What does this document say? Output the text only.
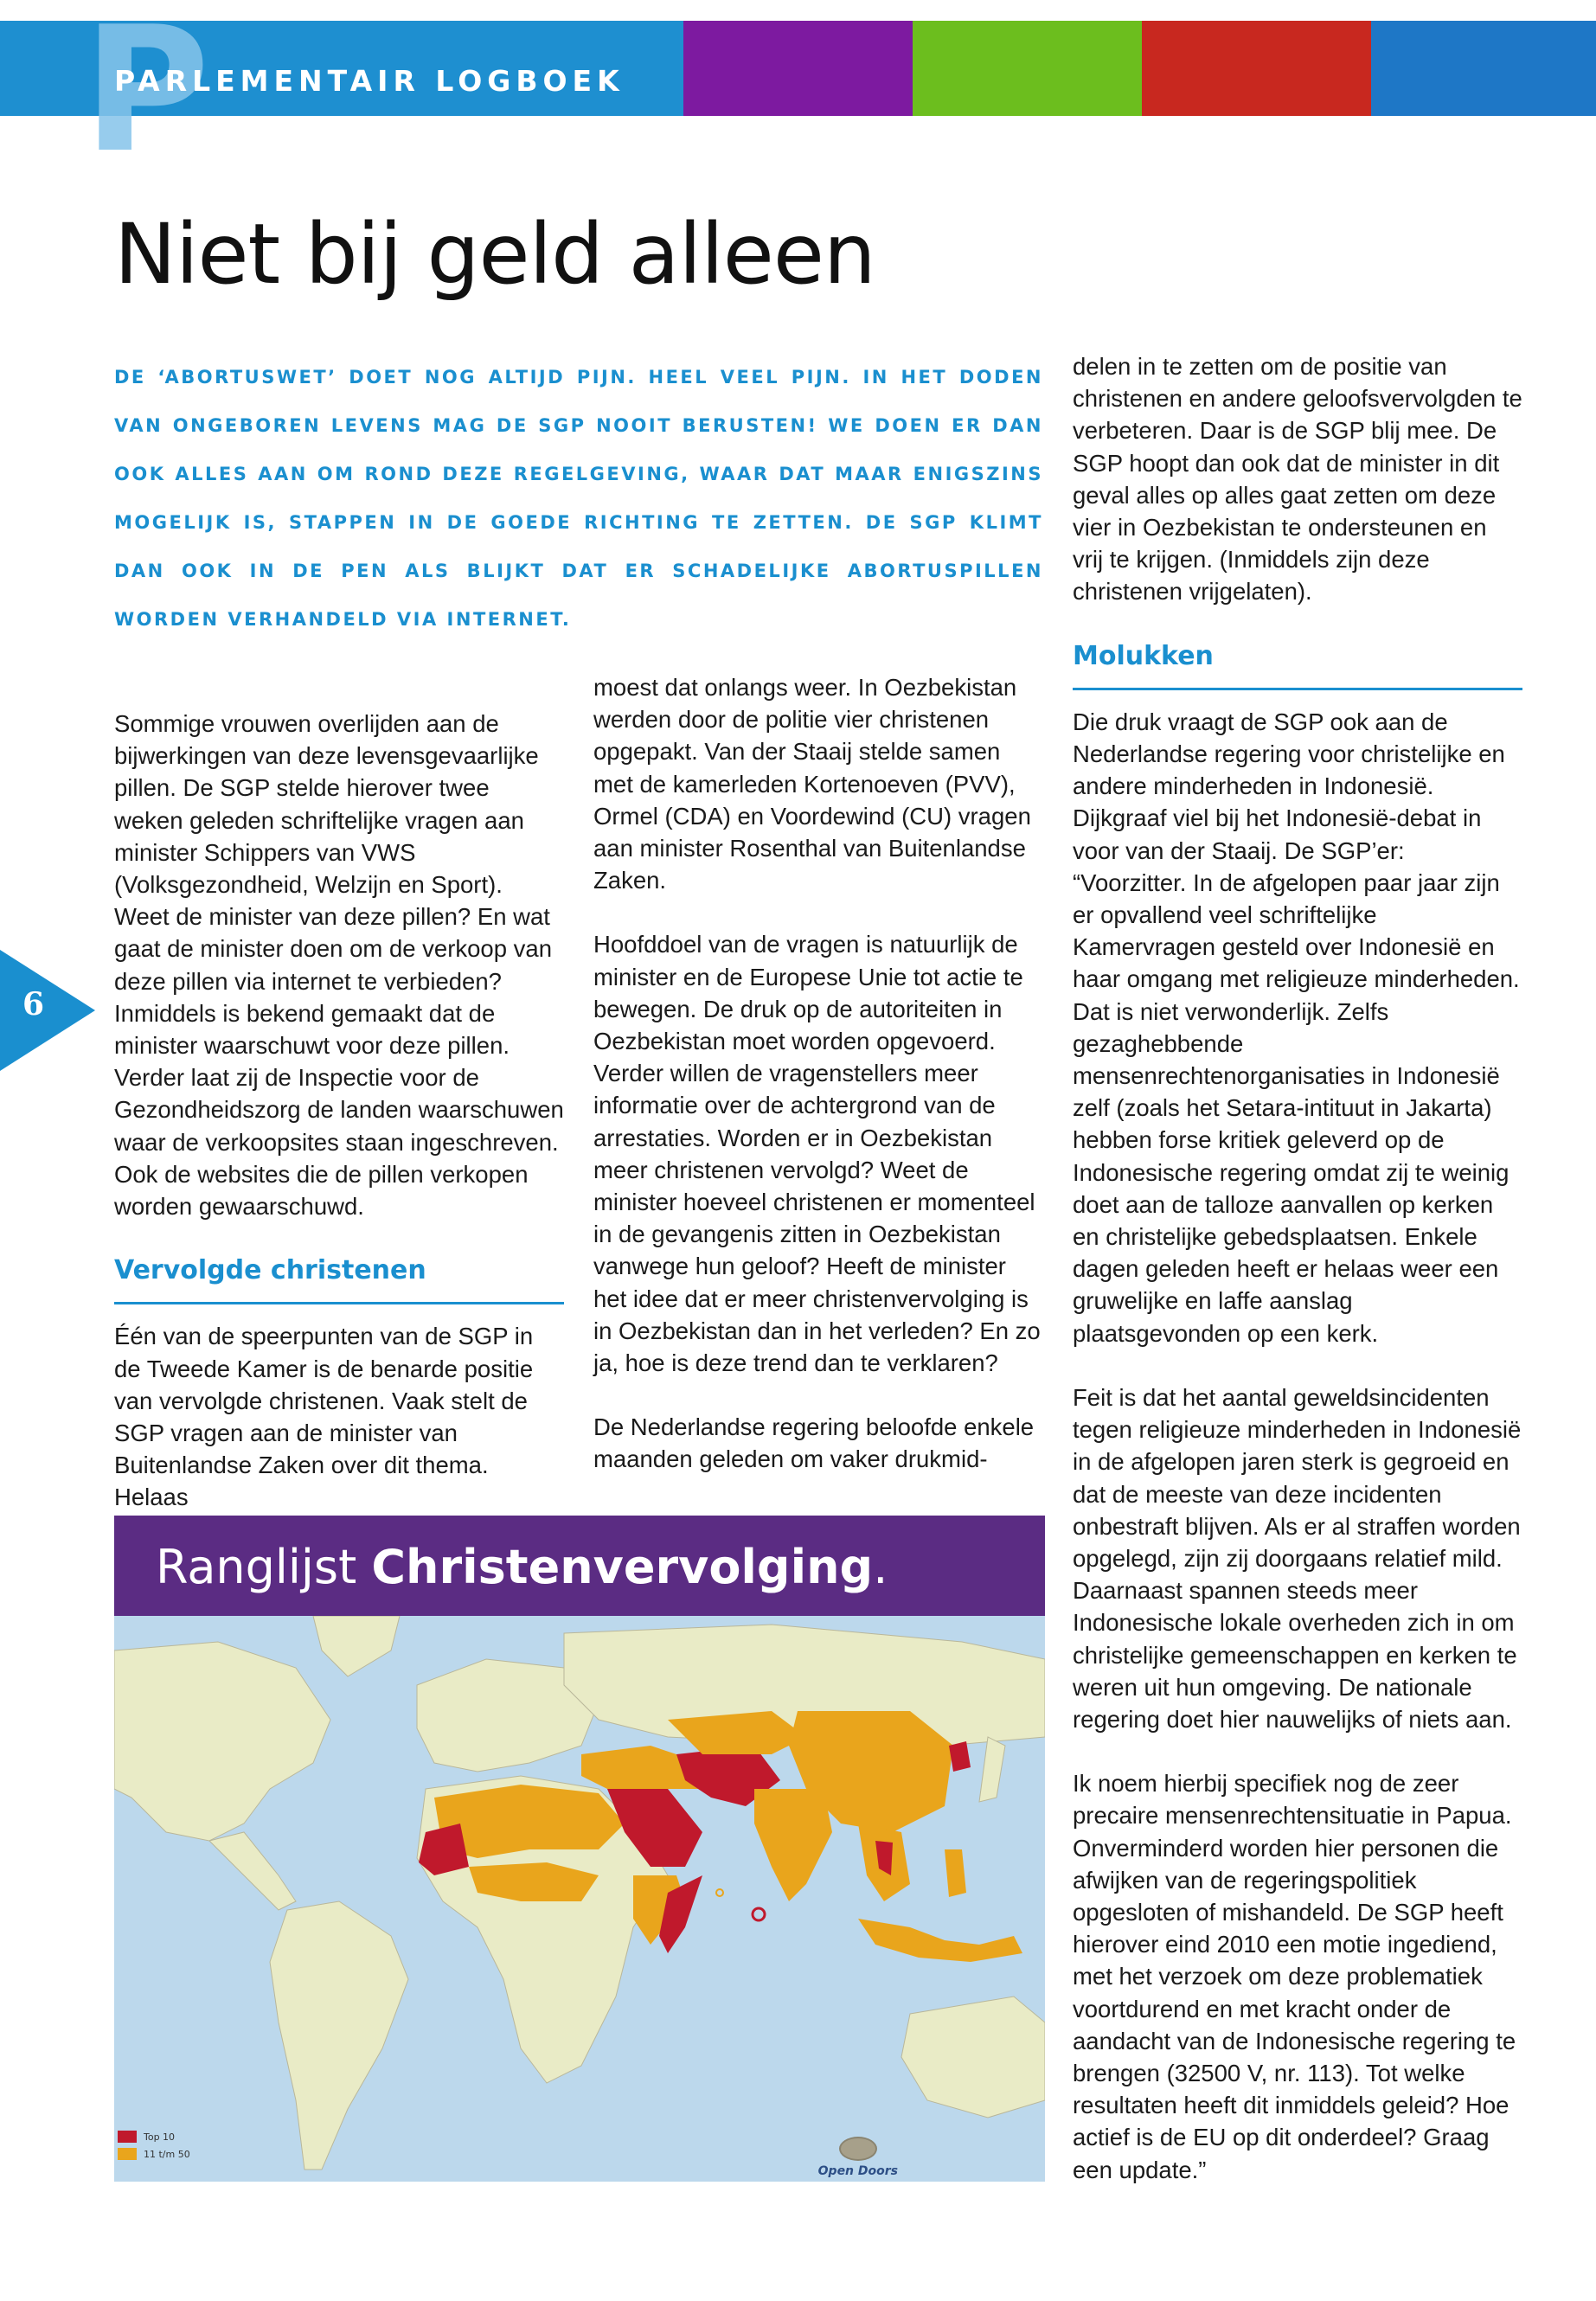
P
PARLEMENTAIR LOGBOEK
Niet bij geld alleen
DE ‘ABORTUSWET’ DOET NOG ALTIJD PIJN. HEEL VEEL PIJN. IN HET DODEN VAN ONGEBOREN LEVENS MAG DE SGP NOOIT BERUSTEN! WE DOEN ER DAN OOK ALLES AAN OM ROND DEZE REGELGEVING, WAAR DAT MAAR ENIGSZINS MOGELIJK IS, STAPPEN IN DE GOEDE RICHTING TE ZETTEN. DE SGP KLIMT DAN OOK IN DE PEN ALS BLIJKT DAT ER SCHADELIJKE ABORTUSPILLEN WORDEN VERHANDELD VIA INTERNET.

Sommige vrouwen overlijden aan de bijwerkingen van deze levensgevaarlijke pillen. De SGP stelde hierover twee weken geleden schriftelijke vragen aan minister Schippers van VWS (Volksgezondheid, Welzijn en Sport). Weet de minister van deze pillen? En wat gaat de minister doen om de verkoop van deze pillen via internet te verbieden?

Inmiddels is bekend gemaakt dat de minister waarschuwt voor deze pillen. Verder laat zij de Inspectie voor de Gezondheidszorg de landen waarschuwen waar de verkoopsites staan ingeschreven. Ook de websites die de pillen verkopen worden gewaarschuwd.

Vervolgde christenen

Één van de speerpunten van de SGP in de Tweede Kamer is de benarde positie van vervolgde christenen. Vaak stelt de SGP vragen aan de minister van Buitenlandse Zaken over dit thema. Helaas

moest dat onlangs weer. In Oezbekistan werden door de politie vier christenen opgepakt. Van der Staaij stelde samen met de kamerleden Kortenoeven (PVV), Ormel (CDA) en Voordewind (CU) vragen aan minister Rosenthal van Buitenlandse Zaken.

Hoofddoel van de vragen is natuurlijk de minister en de Europese Unie tot actie te bewegen. De druk op de autoriteiten in Oezbekistan moet worden opgevoerd. Verder willen de vragenstellers meer informatie over de achtergrond van de arrestaties. Worden er in Oezbekistan meer christenen vervolgd? Weet de minister hoeveel christenen er momenteel in de gevangenis zitten in Oezbekistan vanwege hun geloof? Heeft de minister het idee dat er meer christenvervolging is in Oezbekistan dan in het verleden? En zo ja, hoe is deze trend dan te verklaren?

De Nederlandse regering beloofde enkele maanden geleden om vaker drukmid-

delen in te zetten om de positie van christenen en andere geloofsvervolgden te verbeteren. Daar is de SGP blij mee. De SGP hoopt dan ook dat de minister in dit geval alles op alles gaat zetten om deze vier in Oezbekistan te ondersteunen en vrij te krijgen. (Inmiddels zijn deze christenen vrijgelaten).

Molukken

Die druk vraagt de SGP ook aan de Nederlandse regering voor christelijke en andere minderheden in Indonesië. Dijkgraaf viel bij het Indonesië-debat in voor van der Staaij. De SGP’er: “Voorzitter. In de afgelopen paar jaar zijn er opvallend veel schriftelijke Kamervragen gesteld over Indonesië en haar omgang met religieuze minderheden. Dat is niet verwonderlijk. Zelfs gezaghebbende mensenrechtenorganisaties in Indonesië zelf (zoals het Setara-intituut in Jakarta) hebben forse kritiek geleverd op de Indonesische regering omdat zij te weinig doet aan de talloze aanvallen op kerken en christelijke gebedsplaatsen. Enkele dagen geleden heeft er helaas weer een gruwelijke en laffe aanslag plaatsgevonden op een kerk.

Feit is dat het aantal geweldsincidenten tegen religieuze minderheden in Indonesië in de afgelopen jaren sterk is gegroeid en dat de meeste van deze incidenten onbestraft blijven. Als er al straffen worden opgelegd, zijn zij doorgaans relatief mild. Daarnaast spannen steeds meer Indonesische lokale overheden zich in om christelijke gemeenschappen en kerken te weren uit hun omgeving. De nationale regering doet hier nauwelijks of niets aan.

Ik noem hierbij specifiek nog de zeer precaire mensenrechtensituatie in Papua. Onverminderd worden hier personen die afwijken van de regeringspolitiek opgesloten of mishandeld. De SGP heeft hierover eind 2010 een motie ingediend, met het verzoek om deze problematiek voortdurend en met kracht onder de aandacht van de Indonesische regering te brengen (32500 V, nr. 113). Tot welke resultaten heeft dit inmiddels geleid? Hoe actief is de EU op dit onderdeel? Graag een update.”

6
Ranglijst Christenvervolging.
Top 10
11 t/m 50
Open Doors
